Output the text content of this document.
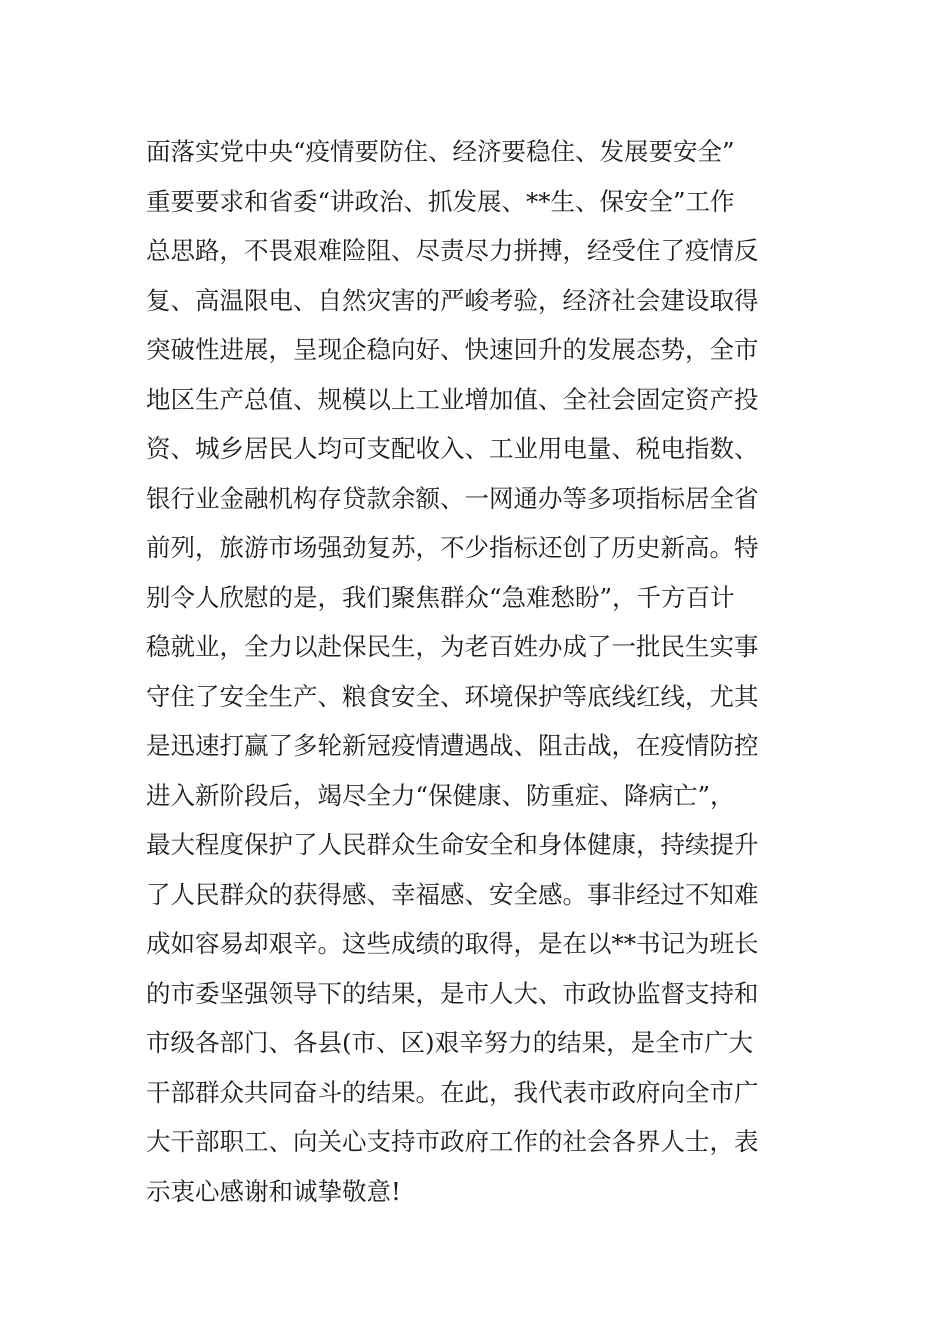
面落实党中央“疫情要防住、经济要稳住、发展要安全”
重要要求和省委“讲政治、抓发展、**生、保安全”工作
总思路，不畏艰难险阻、尽责尽力拼搏，经受住了疫情反
复、高温限电、自然灾害的严峻考验，经济社会建设取得
突破性进展，呈现企稳向好、快速回升的发展态势，全市
地区生产总值、规模以上工业增加值、全社会固定资产投
资、城乡居民人均可支配收入、工业用电量、税电指数、
银行业金融机构存贷款余额、一网通办等多项指标居全省
前列，旅游市场强劲复苏，不少指标还创了历史新高。特
别令人欣慰的是，我们聚焦群众“急难愁盼”，千方百计
稳就业，全力以赴保民生，为老百姓办成了一批民生实事
守住了安全生产、粮食安全、环境保护等底线红线，尤其
是迅速打赢了多轮新冠疫情遭遇战、阻击战，在疫情防控
进入新阶段后，竭尽全力“保健康、防重症、降病亡”，
最大程度保护了人民群众生命安全和身体健康，持续提升
了人民群众的获得感、幸福感、安全感。事非经过不知难
成如容易却艰辛。这些成绩的取得，是在以**书记为班长
的市委坚强领导下的结果，是市人大、市政协监督支持和
市级各部门、各县(市、区)艰辛努力的结果，是全市广大
干部群众共同奋斗的结果。在此，我代表市政府向全市广
大干部职工、向关心支持市政府工作的社会各界人士，表
示衷心感谢和诚挚敬意!
